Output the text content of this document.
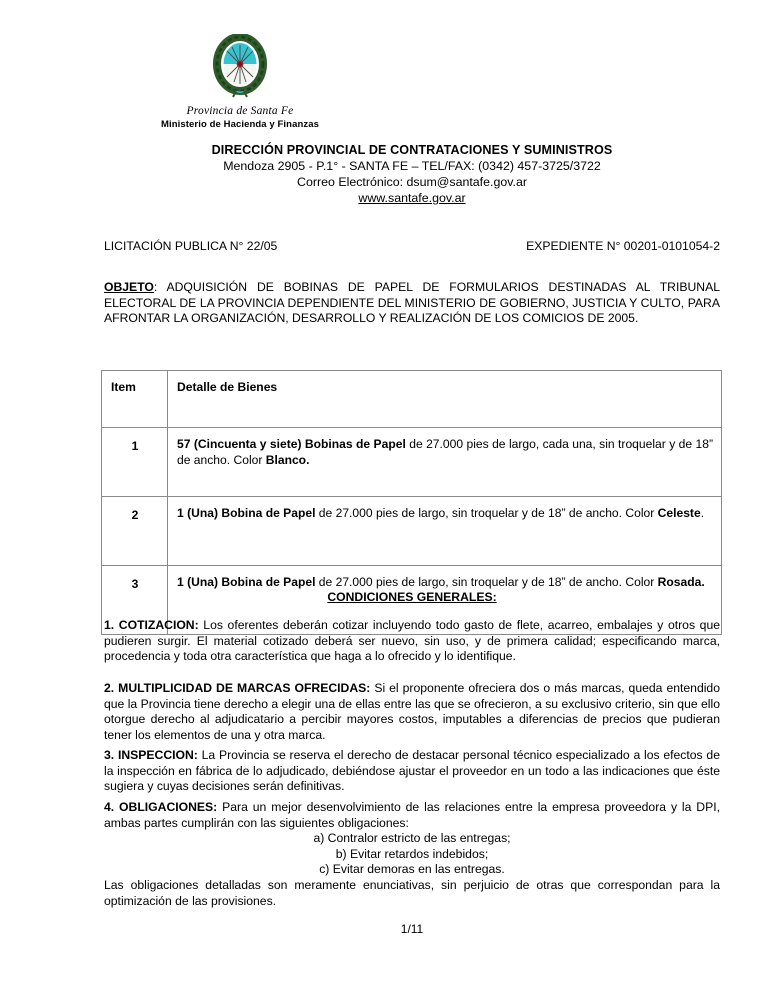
Provincia de Santa Fe
Ministerio de Hacienda y Finanzas
DIRECCIÓN PROVINCIAL DE CONTRATACIONES Y SUMINISTROS
Mendoza 2905 - P.1° - SANTA FE – TEL/FAX: (0342) 457-3725/3722
Correo Electrónico: dsum@santafe.gov.ar
www.santafe.gov.ar
LICITACIÓN PUBLICA N° 22/05	EXPEDIENTE N° 00201-0101054-2
OBJETO: ADQUISICIÓN DE BOBINAS DE PAPEL DE FORMULARIOS DESTINADAS AL TRIBUNAL ELECTORAL DE LA PROVINCIA DEPENDIENTE DEL MINISTERIO DE GOBIERNO, JUSTICIA Y CULTO, PARA AFRONTAR LA ORGANIZACIÓN, DESARROLLO Y REALIZACIÓN DE LOS COMICIOS DE 2005.
Item	Detalle de Bienes
1	57 (Cincuenta y siete) Bobinas de Papel de 27.000 pies de largo, cada una, sin troquelar y de 18” de ancho. Color Blanco.
2	1 (Una) Bobina de Papel de 27.000 pies de largo, sin troquelar y de 18” de ancho. Color Celeste.
3	1 (Una) Bobina de Papel de 27.000 pies de largo, sin troquelar y de 18” de ancho. Color Rosada.
CONDICIONES GENERALES:
1. COTIZACION: Los oferentes deberán cotizar incluyendo todo gasto de flete, acarreo, embalajes y otros que pudieren surgir. El material cotizado deberá ser nuevo, sin uso, y de primera calidad; especificando marca, procedencia y toda otra característica que haga a lo ofrecido y lo identifique.
2. MULTIPLICIDAD DE MARCAS OFRECIDAS: Si el proponente ofreciera dos o más marcas, queda entendido que la Provincia tiene derecho a elegir una de ellas entre las que se ofrecieron, a su exclusivo criterio, sin que ello otorgue derecho al adjudicatario a percibir mayores costos, imputables a diferencias de precios que pudieran tener los elementos de una y otra marca.
3. INSPECCION: La Provincia se reserva el derecho de destacar personal técnico especializado a los efectos de la inspección en fábrica de lo adjudicado, debiéndose ajustar el proveedor en un todo a las indicaciones que éste sugiera y cuyas decisiones serán definitivas.
4. OBLIGACIONES: Para un mejor desenvolvimiento de las relaciones entre la empresa proveedora y la DPI, ambas partes cumplirán con las siguientes obligaciones:
a) Contralor estricto de las entregas;
b) Evitar retardos indebidos;
c) Evitar demoras en las entregas.
Las obligaciones detalladas son meramente enunciativas, sin perjuicio de otras que correspondan para la optimización de las provisiones.
1/11
